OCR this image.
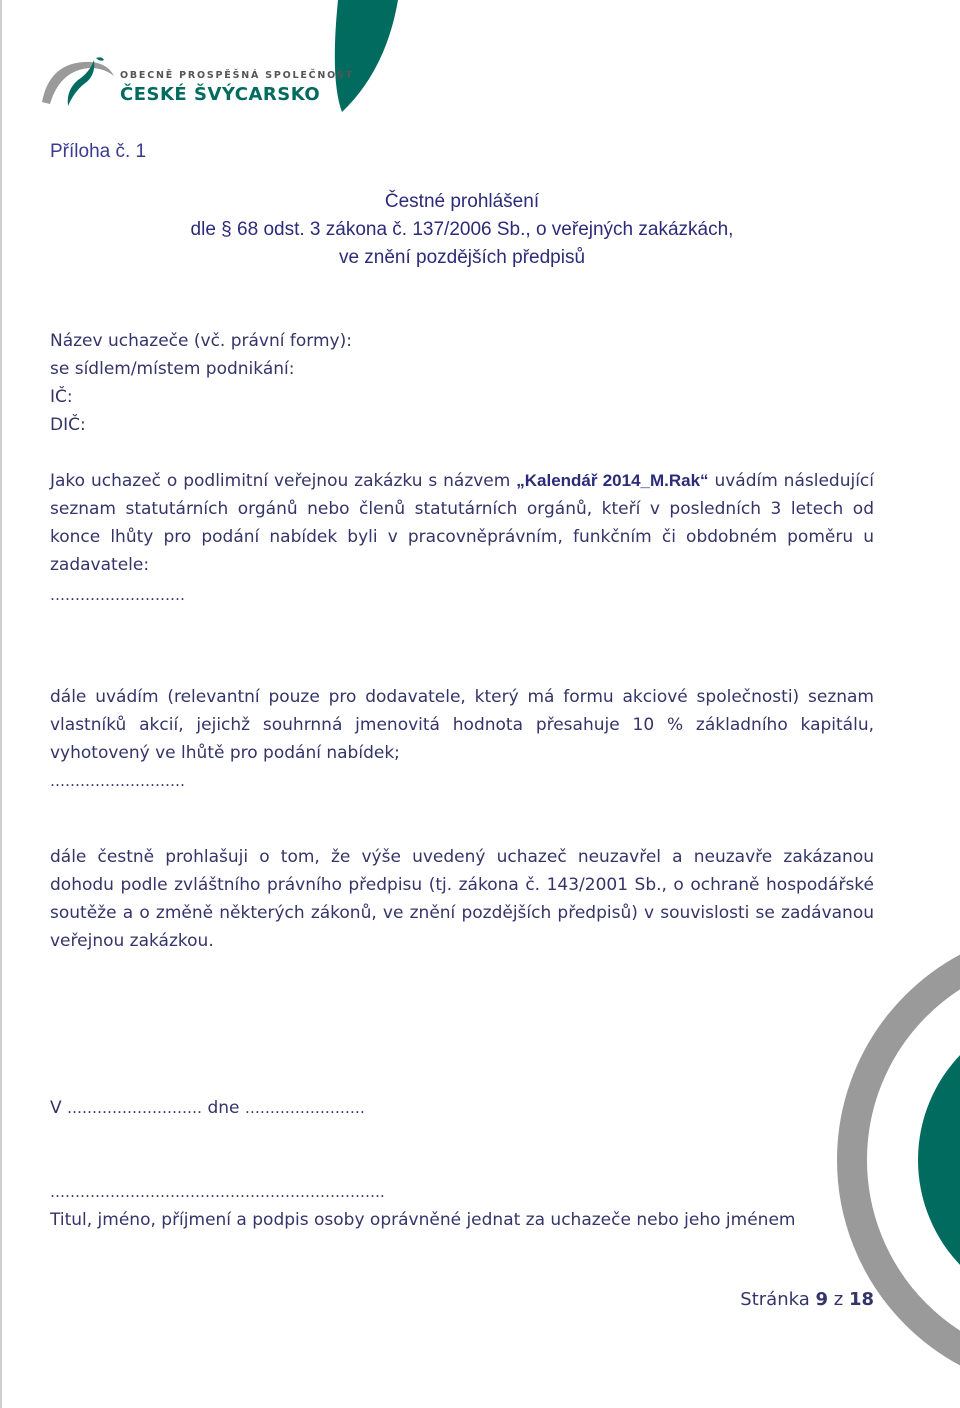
OBECNĚ PROSPĚŠNÁ SPOLEČNOST
ČESKÉ ŠVÝCARSKO
Příloha č. 1
Čestné prohlášení
dle § 68 odst. 3 zákona č. 137/2006 Sb., o veřejných zakázkách,
ve znění pozdějších předpisů
Název uchazeče (vč. právní formy):
se sídlem/místem podnikání:
IČ:
DIČ:
Jako uchazeč o podlimitní veřejnou zakázku s názvem „Kalendář 2014_M.Rak“ uvádím následující seznam statutárních orgánů nebo členů statutárních orgánů, kteří v posledních 3 letech od konce lhůty pro podání nabídek byli v pracovněprávním, funkčním či obdobném poměru u zadavatele:
………………………
dále uvádím (relevantní pouze pro dodavatele, který má formu akciové společnosti) seznam vlastníků akcií, jejichž souhrnná jmenovitá hodnota přesahuje 10 % základního kapitálu, vyhotovený ve lhůtě pro podání nabídek;
………………………
dále čestně prohlašuji o tom, že výše uvedený uchazeč neuzavřel a neuzavře zakázanou dohodu podle zvláštního právního předpisu (tj. zákona č. 143/2001 Sb., o ochraně hospodářské soutěže a o změně některých zákonů, ve znění pozdějších předpisů) v souvislosti se zadávanou veřejnou zakázkou.
V ……………………… dne ……………………
………………………………………………………….
Titul, jméno, příjmení a podpis osoby oprávněné jednat za uchazeče nebo jeho jménem
Stránka 9 z 18
